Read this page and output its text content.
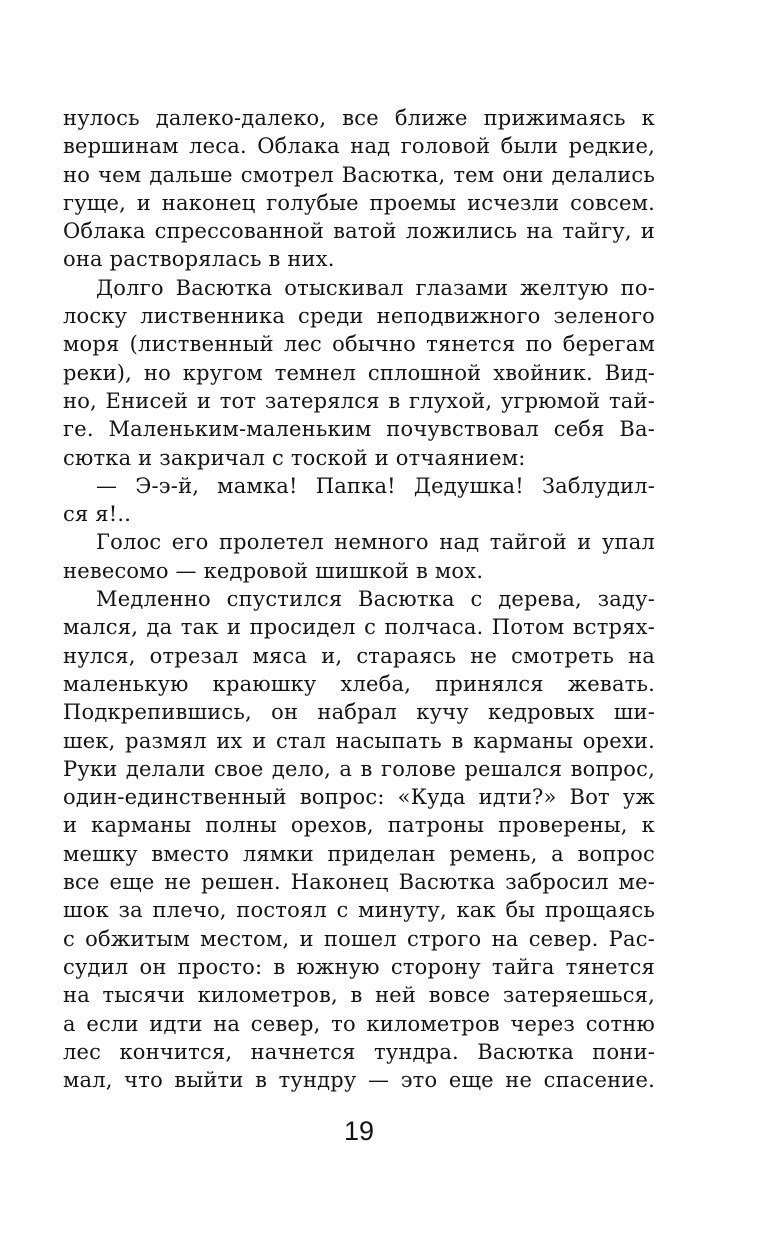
нулось далеко-далеко, все ближе прижимаясь к
вершинам леса. Облака над головой были редкие,
но чем дальше смотрел Васютка, тем они делались
гуще, и наконец голубые проемы исчезли совсем.
Облака спрессованной ватой ложились на тайгу, и
она растворялась в них.
Долго Васютка отыскивал глазами желтую по-
лоску лиственника среди неподвижного зеленого
моря (лиственный лес обычно тянется по берегам
реки), но кругом темнел сплошной хвойник. Вид-
но, Енисей и тот затерялся в глухой, угрюмой тай-
ге. Маленьким-маленьким почувствовал себя Ва-
сютка и закричал с тоской и отчаянием:
— Э-э-й, мамка! Папка! Дедушка! Заблудил-
ся я!..
Голос его пролетел немного над тайгой и упал
невесомо — кедровой шишкой в мох.
Медленно спустился Васютка с дерева, заду-
мался, да так и просидел с полчаса. Потом встрях-
нулся, отрезал мяса и, стараясь не смотреть на
маленькую краюшку хлеба, принялся жевать.
Подкрепившись, он набрал кучу кедровых ши-
шек, размял их и стал насыпать в карманы орехи.
Руки делали свое дело, а в голове решался вопрос,
один-единственный вопрос: «Куда идти?» Вот уж
и карманы полны орехов, патроны проверены, к
мешку вместо лямки приделан ремень, а вопрос
все еще не решен. Наконец Васютка забросил ме-
шок за плечо, постоял с минуту, как бы прощаясь
с обжитым местом, и пошел строго на север. Рас-
судил он просто: в южную сторону тайга тянется
на тысячи километров, в ней вовсе затеряешься,
а если идти на север, то километров через сотню
лес кончится, начнется тундра. Васютка пони-
мал, что выйти в тундру — это еще не спасение.
19
